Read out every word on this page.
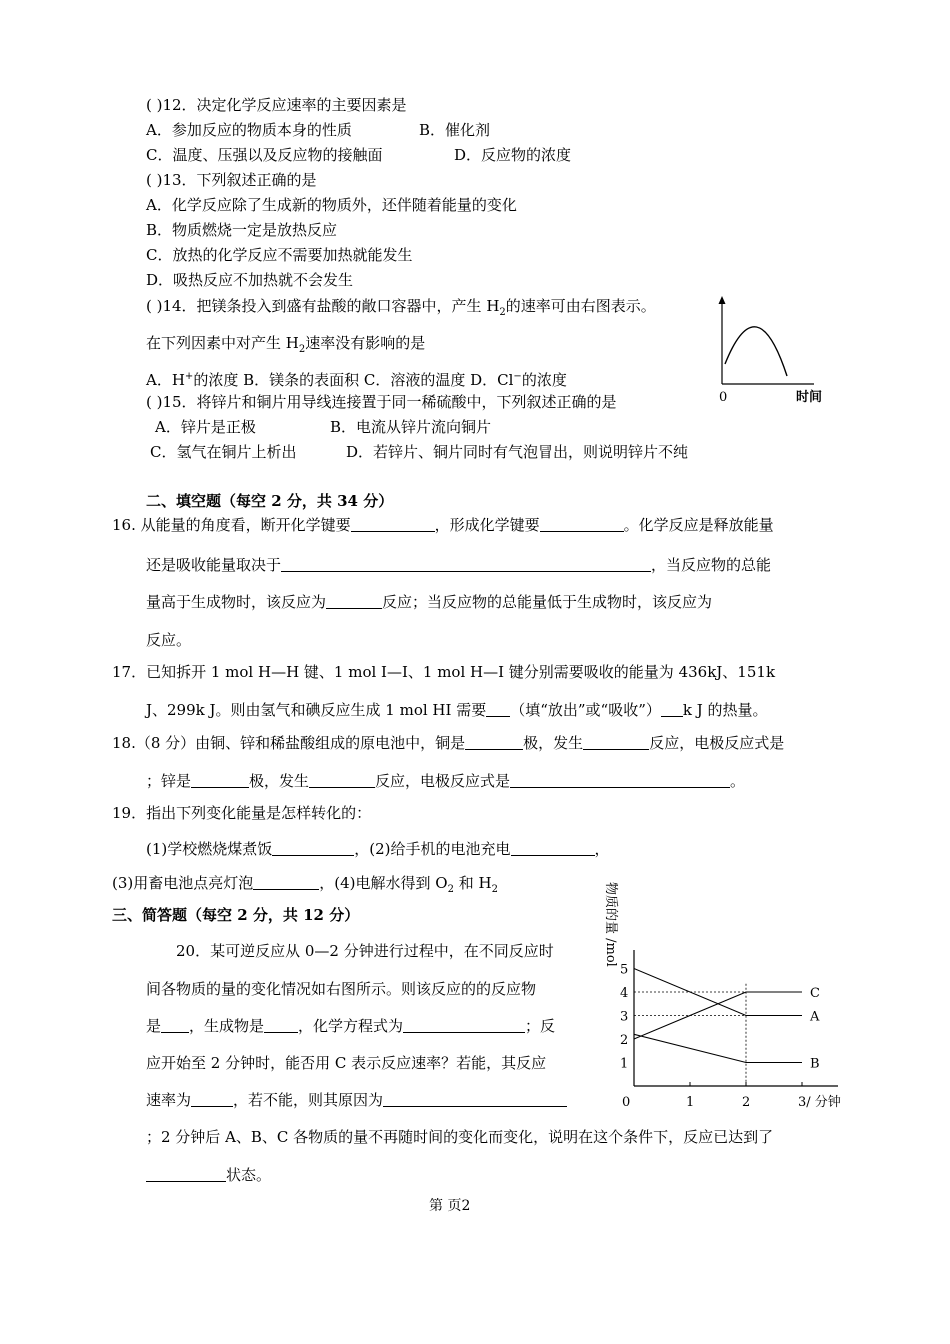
( )12．决定化学反应速率的主要因素是
A．参加反应的物质本身的性质	B．催化剂
C．温度、压强以及反应物的接触面	D．反应物的浓度
( )13．下列叙述正确的是
A．化学反应除了生成新的物质外，还伴随着能量的变化
B．物质燃烧一定是放热反应
C．放热的化学反应不需要加热就能发生
D．吸热反应不加热就不会发生
( )14．把镁条投入到盛有盐酸的敞口容器中，产生 $H_2$的速率可由右图表示。
在下列因素中对产生 $H_2$速率没有影响的是
A．H+的浓度 B．镁条的表面积 C．溶液的温度 D．Cl−的浓度
0	时间
( )15．将锌片和铜片用导线连接置于同一稀硫酸中，下列叙述正确的是
A．锌片是正极	B．电流从锌片流向铜片
C．氢气在铜片上析出	D．若锌片、铜片同时有气泡冒出，则说明锌片不纯
二、填空题（每空 2 分，共 34 分）
16. 从能量的角度看，断开化学键要	，形成化学键要	。化学反应是释放能量
还是吸收能量取决于	，当反应物的总能
量高于生成物时，该反应为	反应；当反应物的总能量低于生成物时，该反应为
反应。
17．已知拆开 1 mol H—H 键、1 mol I—I、1 mol H—I 键分别需要吸收的能量为 436kJ、151k
J、299k J。则由氢气和碘反应生成 1 mol HI 需要 （填“放出”或“吸收”） k J 的热量。
18.（8 分）由铜、锌和稀盐酸组成的原电池中，铜是	极，发生	反应，电极反应式是
；锌是	极，发生	反应，电极反应式是	。
19．指出下列变化能量是怎样转化的：
(1)学校燃烧煤煮饭	，(2)给手机的电池充电	，
(3)用畜电池点亮灯泡	，(4)电解水得到 $O_2$ 和 $H_2$
三、简答题（每空 2 分，共 12 分）
20．某可逆反应从 0—2 分钟进行过程中，在不同反应时
间各物质的量的变化情况如右图所示。则该反应的的反应物
是 ，生成物是 ，化学方程式为	；反
应开始至 2 分钟时，能否用 C 表示反应速率？若能，其反应
速率为	，若不能，则其原因为
；2 分钟后 A、B、C 各物质的量不再随时间的变化而变化，说明在这个条件下，反应已达到了
状态。
物质的量 /mol
1
2
3
4
5
0	1	2	3/ 分钟
A
B
C
第 页2
